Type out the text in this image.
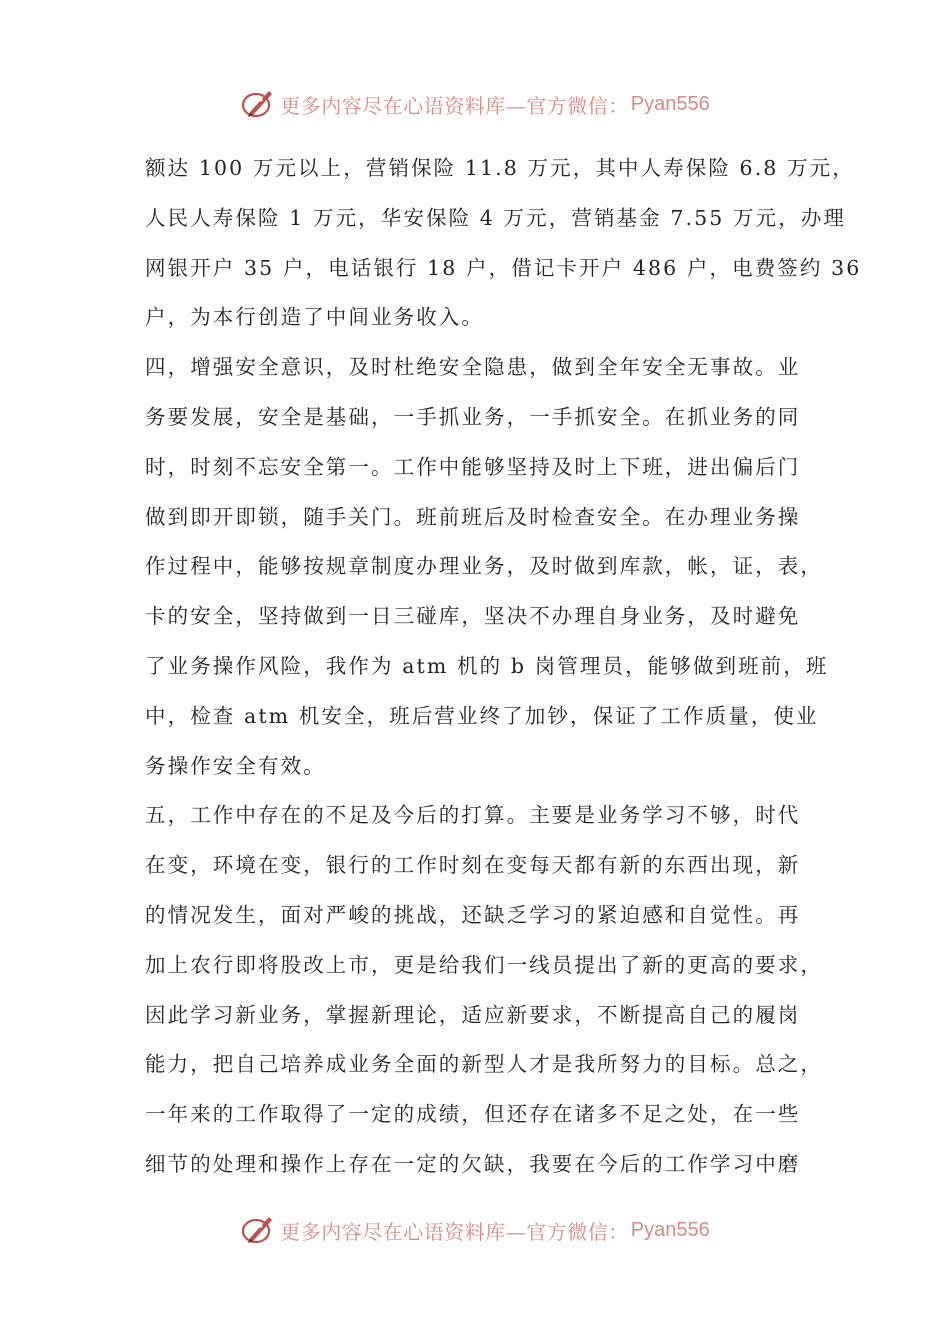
更多内容尽在心语资料库—官方微信： Pyan556
额达 100 万元以上，营销保险 11.8 万元，其中人寿保险 6.8 万元，
人民人寿保险 1 万元，华安保险 4 万元，营销基金 7.55 万元，办理
网银开户 35 户，电话银行 18 户，借记卡开户 486 户，电费签约 36
户，为本行创造了中间业务收入。
四，增强安全意识，及时杜绝安全隐患，做到全年安全无事故。业
务要发展，安全是基础，一手抓业务，一手抓安全。在抓业务的同
时，时刻不忘安全第一。工作中能够坚持及时上下班，进出偏后门
做到即开即锁，随手关门。班前班后及时检查安全。在办理业务操
作过程中，能够按规章制度办理业务，及时做到库款，帐，证，表，
卡的安全，坚持做到一日三碰库，坚决不办理自身业务，及时避免
了业务操作风险，我作为 atm 机的 b 岗管理员，能够做到班前，班
中，检查 atm 机安全，班后营业终了加钞，保证了工作质量，使业
务操作安全有效。
五，工作中存在的不足及今后的打算。主要是业务学习不够，时代
在变，环境在变，银行的工作时刻在变每天都有新的东西出现，新
的情况发生，面对严峻的挑战，还缺乏学习的紧迫感和自觉性。再
加上农行即将股改上市，更是给我们一线员提出了新的更高的要求，
因此学习新业务，掌握新理论，适应新要求，不断提高自己的履岗
能力，把自己培养成业务全面的新型人才是我所努力的目标。总之，
一年来的工作取得了一定的成绩，但还存在诸多不足之处，在一些
细节的处理和操作上存在一定的欠缺，我要在今后的工作学习中磨
更多内容尽在心语资料库—官方微信： Pyan556
